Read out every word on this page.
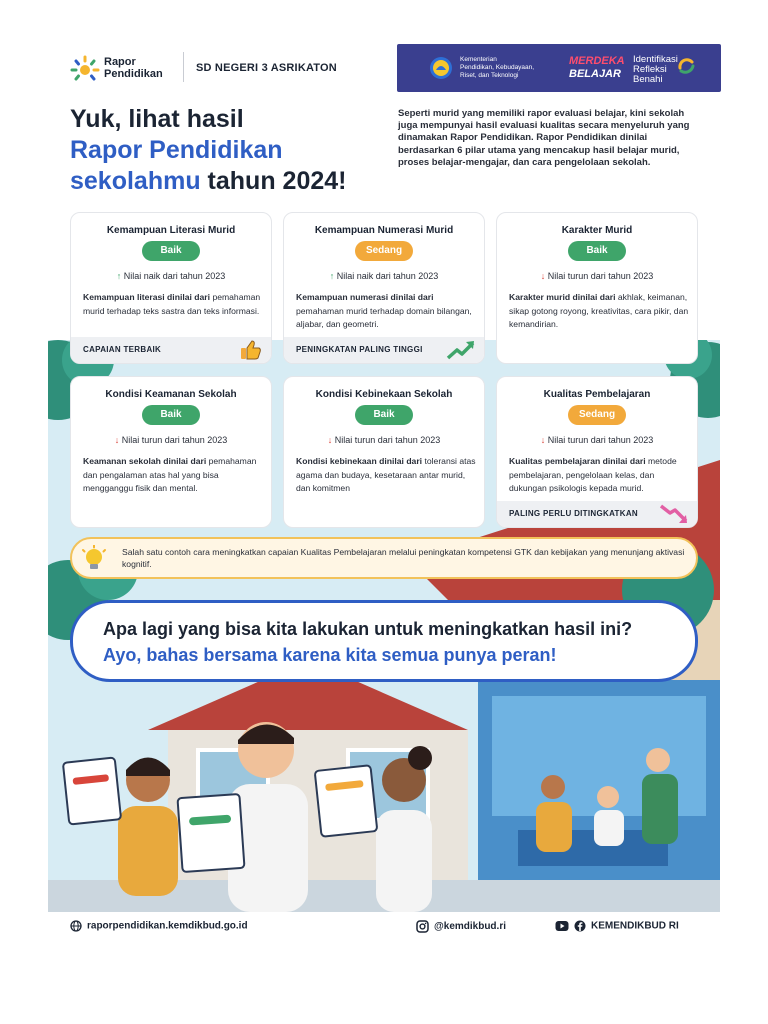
Rapor
Pendidikan	SD NEGERI 3 ASRIKATON
Kementerian
Pendidikan, Kebudayaan,
Riset, dan Teknologi
MERDEKA
BELAJAR
Identifikasi
Refleksi
Benahi
Yuk, lihat hasil
Rapor Pendidikan
sekolahmu tahun 2024!
Seperti murid yang memiliki rapor evaluasi belajar, kini sekolah juga mempunyai hasil evaluasi kualitas secara menyeluruh yang dinamakan Rapor Pendidikan. Rapor Pendidikan dinilai berdasarkan 6 pilar utama yang mencakup hasil belajar murid, proses belajar-mengajar, dan cara pengelolaan sekolah.
Kemampuan Literasi Murid
Baik
↑ Nilai naik dari tahun 2023
Kemampuan literasi dinilai dari pemahaman murid terhadap teks sastra dan teks informasi.
CAPAIAN TERBAIK
Kemampuan Numerasi Murid
Sedang
↑ Nilai naik dari tahun 2023
Kemampuan numerasi dinilai dari pemahaman murid terhadap domain bilangan, aljabar, dan geometri.
PENINGKATAN PALING TINGGI
Karakter Murid
Baik
↓ Nilai turun dari tahun 2023
Karakter murid dinilai dari akhlak, keimanan, sikap gotong royong, kreativitas, cara pikir, dan kemandirian.
Kondisi Keamanan Sekolah
Baik
↓ Nilai turun dari tahun 2023
Keamanan sekolah dinilai dari pemahaman dan pengalaman atas hal yang bisa mengganggu fisik dan mental.
Kondisi Kebinekaan Sekolah
Baik
↓ Nilai turun dari tahun 2023
Kondisi kebinekaan dinilai dari toleransi atas agama dan budaya, kesetaraan antar murid, dan komitmen
Kualitas Pembelajaran
Sedang
↓ Nilai turun dari tahun 2023
Kualitas pembelajaran dinilai dari metode pembelajaran, pengelolaan kelas, dan dukungan psikologis kepada murid.
PALING PERLU DITINGKATKAN
Salah satu contoh cara meningkatkan capaian Kualitas Pembelajaran melalui peningkatan kompetensi GTK dan kebijakan yang menunjang aktivasi kognitif.
Apa lagi yang bisa kita lakukan untuk meningkatkan hasil ini?
Ayo, bahas bersama karena kita semua punya peran!
rapor​pendidikan.kemdikbud.go.id	@kemdikbud.ri	KEMENDIKBUD RI
